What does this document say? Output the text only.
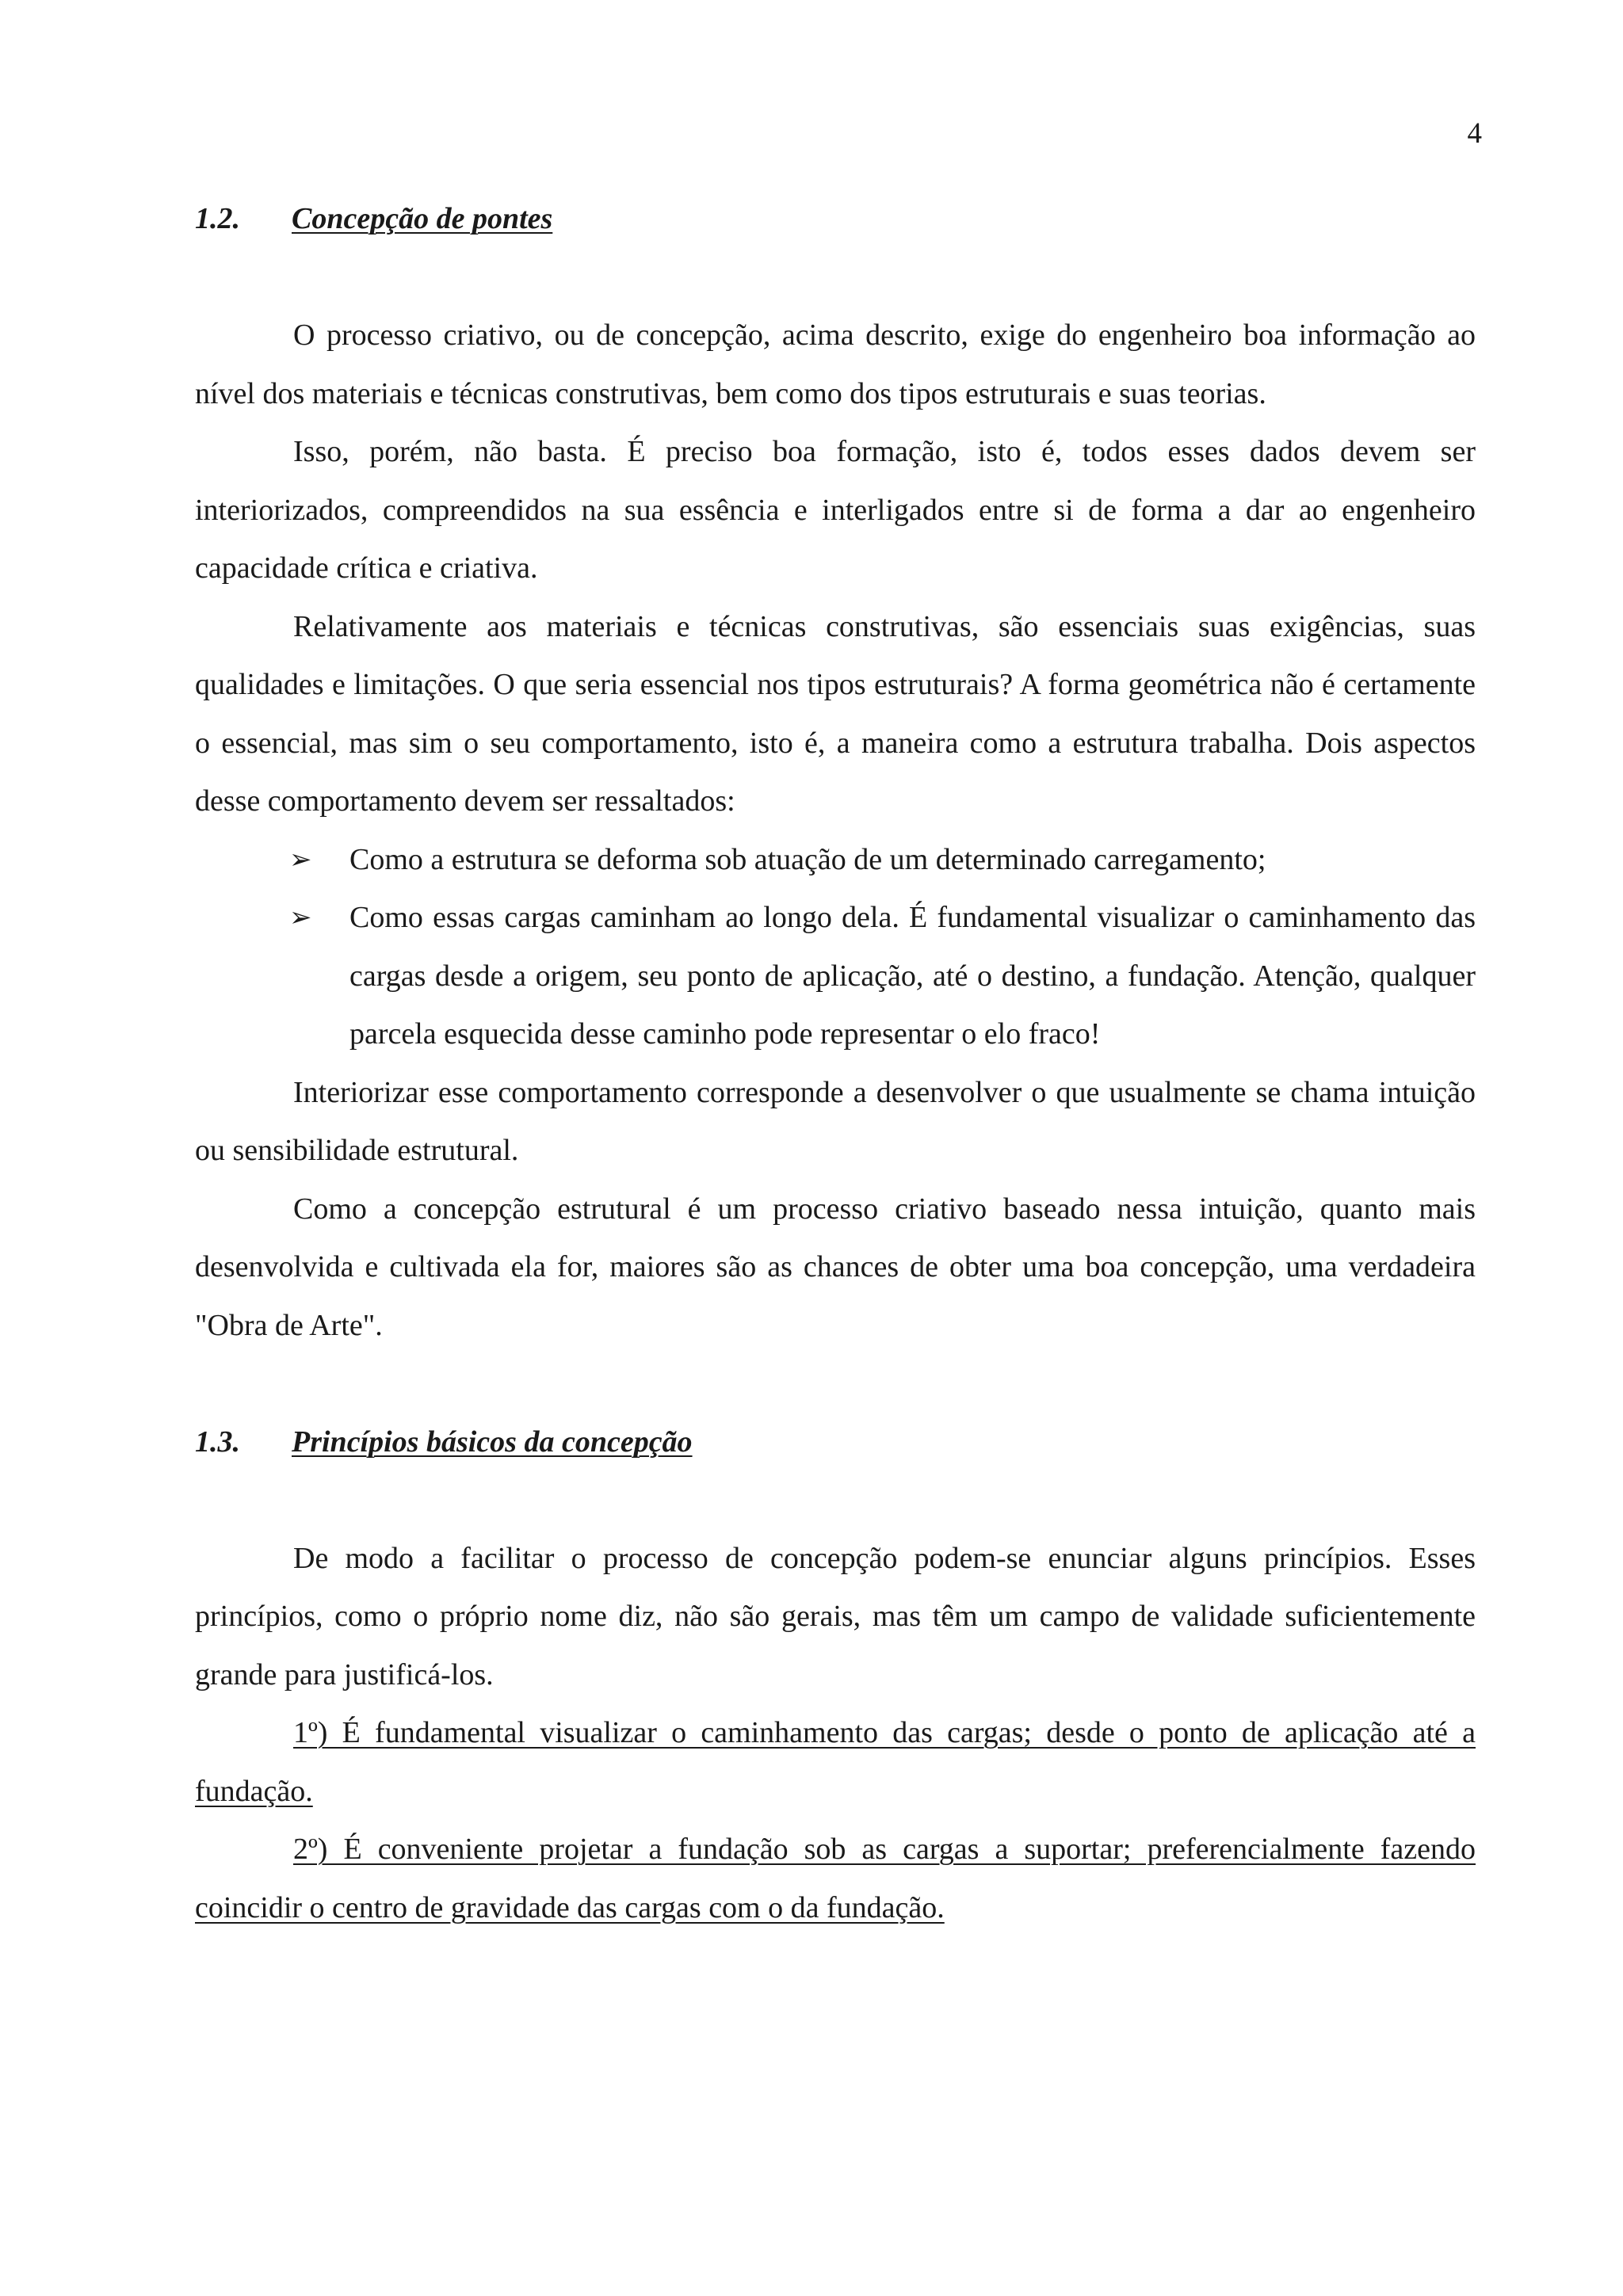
4
1.2. Concepção de pontes

O processo criativo, ou de concepção, acima descrito, exige do engenheiro boa informação ao nível dos materiais e técnicas construtivas, bem como dos tipos estruturais e suas teorias.

Isso, porém, não basta. É preciso boa formação, isto é, todos esses dados devem ser interiorizados, compreendidos na sua essência e interligados entre si de forma a dar ao engenheiro capacidade crítica e criativa.

Relativamente aos materiais e técnicas construtivas, são essenciais suas exigências, suas qualidades e limitações. O que seria essencial nos tipos estruturais? A forma geométrica não é certamente o essencial, mas sim o seu comportamento, isto é, a maneira como a estrutura trabalha. Dois aspectos desse comportamento devem ser ressaltados:

➢	Como a estrutura se deforma sob atuação de um determinado carregamento;
➢	Como essas cargas caminham ao longo dela. É fundamental visualizar o caminhamento das cargas desde a origem, seu ponto de aplicação, até o destino, a fundação. Atenção, qualquer parcela esquecida desse caminho pode representar o elo fraco!

Interiorizar esse comportamento corresponde a desenvolver o que usualmente se chama intuição ou sensibilidade estrutural.

Como a concepção estrutural é um processo criativo baseado nessa intuição, quanto mais desenvolvida e cultivada ela for, maiores são as chances de obter uma boa concepção, uma verdadeira "Obra de Arte".

1.3. Princípios básicos da concepção

De modo a facilitar o processo de concepção podem-se enunciar alguns princípios. Esses princípios, como o próprio nome diz, não são gerais, mas têm um campo de validade suficientemente grande para justificá-los.

1º) É fundamental visualizar o caminhamento das cargas; desde o ponto de aplicação até a fundação.

2º) É conveniente projetar a fundação sob as cargas a suportar; preferencialmente fazendo coincidir o centro de gravidade das cargas com o da fundação.
